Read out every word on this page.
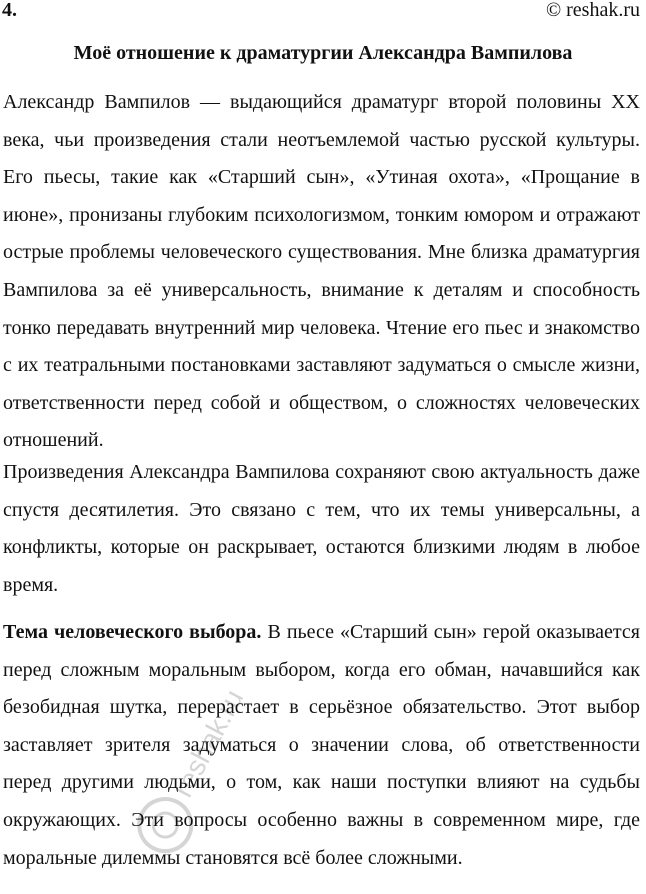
4.	© reshak.ru
Моё отношение к драматургии Александра Вампилова

Александр Вампилов — выдающийся драматург второй половины XX века, чьи произведения стали неотъемлемой частью русской культуры. Его пьесы, такие как «Старший сын», «Утиная охота», «Прощание в июне», пронизаны глубоким психологизмом, тонким юмором и отражают острые проблемы человеческого существования. Мне близка драматургия Вампилова за её универсальность, внимание к деталям и способность тонко передавать внутренний мир человека. Чтение его пьес и знакомство с их театральными постановками заставляют задуматься о смысле жизни, ответственности перед собой и обществом, о сложностях человеческих отношений.

Произведения Александра Вампилова сохраняют свою актуальность даже спустя десятилетия. Это связано с тем, что их темы универсальны, а конфликты, которые он раскрывает, остаются близкими людям в любое время.

Тема человеческого выбора. В пьесе «Старший сын» герой оказывается перед сложным моральным выбором, когда его обман, начавшийся как безобидная шутка, перерастает в серьёзное обязательство. Этот выбор заставляет зрителя задуматься о значении слова, об ответственности перед другими людьми, о том, как наши поступки влияют на судьбы окружающих. Эти вопросы особенно важны в современном мире, где моральные дилеммы становятся всё более сложными.

reshak.ru
